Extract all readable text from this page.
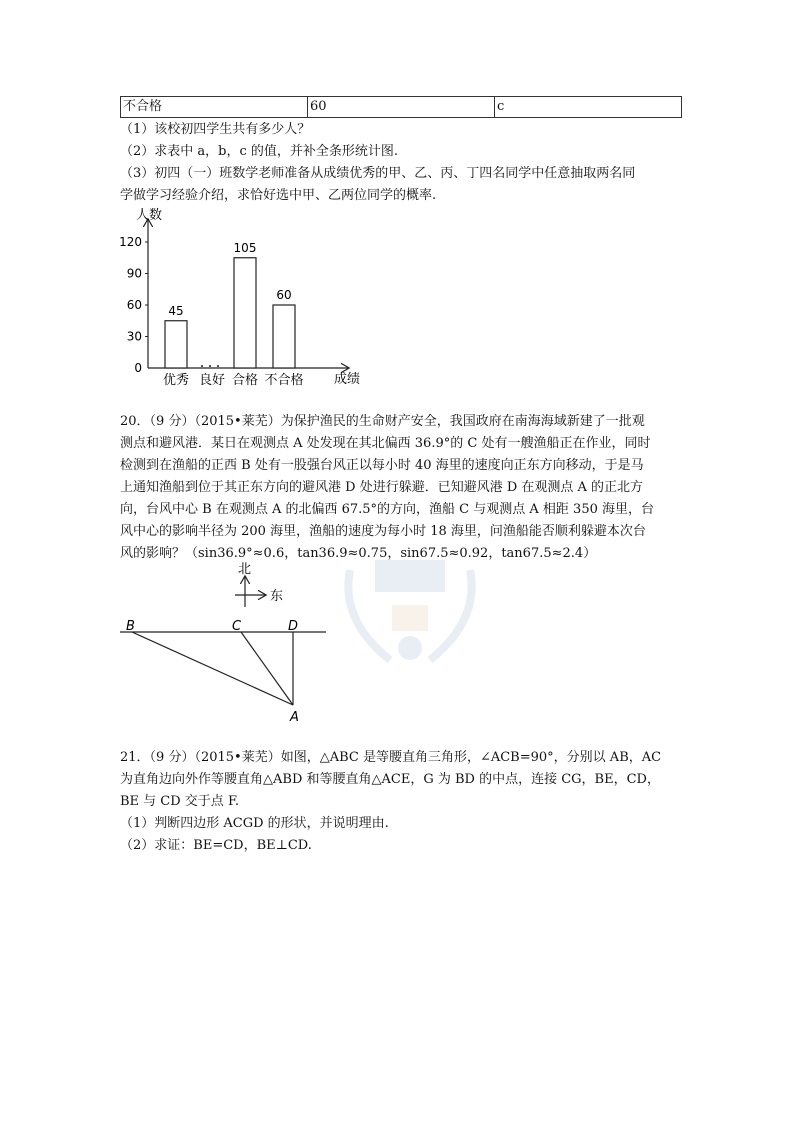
不合格	60	c
（1）该校初四学生共有多少人？
（2）求表中 a，b，c 的值，并补全条形统计图.
（3）初四（一）班数学老师准备从成绩优秀的甲、乙、丙、丁四名同学中任意抽取两名同
学做学习经验介绍，求恰好选中甲、乙两位同学的概率.
0
30
60
90
120
45
105
60
优秀 良好 合格 不合格
人数
成绩
20．（9 分）（2015•莱芜）为保护渔民的生命财产安全，我国政府在南海海域新建了一批观
测点和避风港．某日在观测点 A 处发现在其北偏西 36.9°的 C 处有一艘渔船正在作业，同时
检测到在渔船的正西 B 处有一股强台风正以每小时 40 海里的速度向正东方向移动，于是马
上通知渔船到位于其正东方向的避风港 D 处进行躲避．已知避风港 D 在观测点 A 的正北方
向，台风中心 B 在观测点 A 的北偏西 67.5°的方向，渔船 C 与观测点 A 相距 350 海里，台
风中心的影响半径为 200 海里，渔船的速度为每小时 18 海里，问渔船能否顺利躲避本次台
风的影响？（sin36.9°≈0.6，tan36.9≈0.75，sin67.5≈0.92，tan67.5≈2.4）
北
东
B	C	D
A
21．（9 分）（2015•莱芜）如图，△ABC 是等腰直角三角形，∠ACB=90°，分别以 AB，AC
为直角边向外作等腰直角△ABD 和等腰直角△ACE，G 为 BD 的中点，连接 CG，BE，CD，
BE 与 CD 交于点 F.
（1）判断四边形 ACGD 的形状，并说明理由.
（2）求证：BE=CD，BE⊥CD.
